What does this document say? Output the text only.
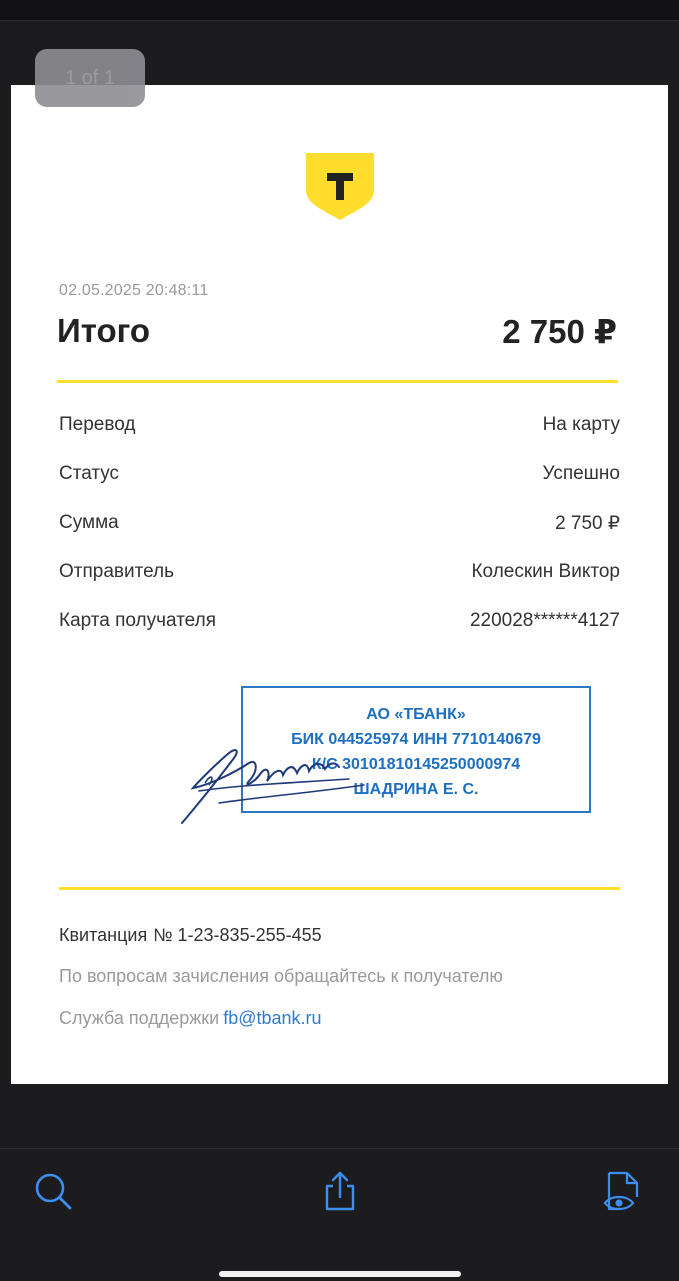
1 of 1
02.05.2025 20:48:11
Итого	2 750 ₽
Перевод	На карту
Статус	Успешно
Сумма	2 750 ₽
Отправитель	Колескин Виктор
Карта получателя	220028******4127
АО «ТБАНК»
БИК 044525974 ИНН 7710140679
К/С 30101810145250000974
ШАДРИНА Е. С.
Квитанция № 1-23-835-255-455
По вопросам зачисления обращайтесь к получателю
Служба поддержки fb@tbank.ru
